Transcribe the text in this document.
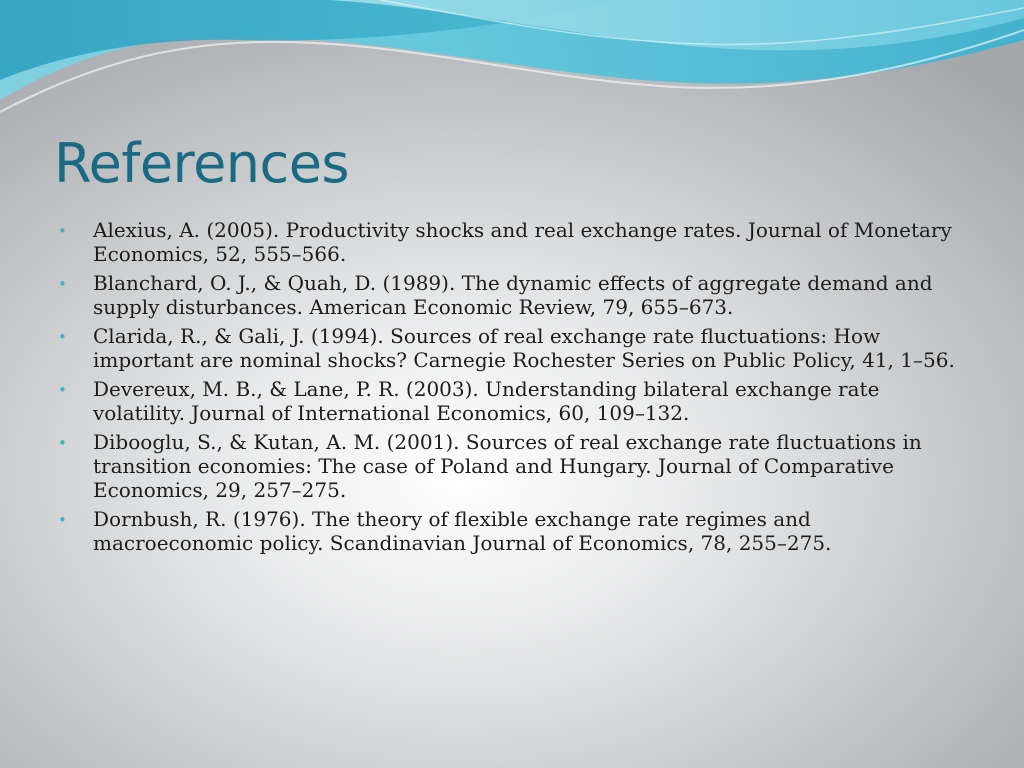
References
• Alexius, A. (2005). Productivity shocks and real exchange rates. Journal of Monetary Economics, 52, 555–566.
• Blanchard, O. J., & Quah, D. (1989). The dynamic effects of aggregate demand and supply disturbances. American Economic Review, 79, 655–673.
• Clarida, R., & Gali, J. (1994). Sources of real exchange rate fluctuations: How important are nominal shocks? Carnegie Rochester Series on Public Policy, 41, 1–56.
• Devereux, M. B., & Lane, P. R. (2003). Understanding bilateral exchange rate volatility. Journal of International Economics, 60, 109–132.
• Dibooglu, S., & Kutan, A. M. (2001). Sources of real exchange rate fluctuations in transition economies: The case of Poland and Hungary. Journal of Comparative Economics, 29, 257–275.
• Dornbush, R. (1976). The theory of flexible exchange rate regimes and macroeconomic policy. Scandinavian Journal of Economics, 78, 255–275.
